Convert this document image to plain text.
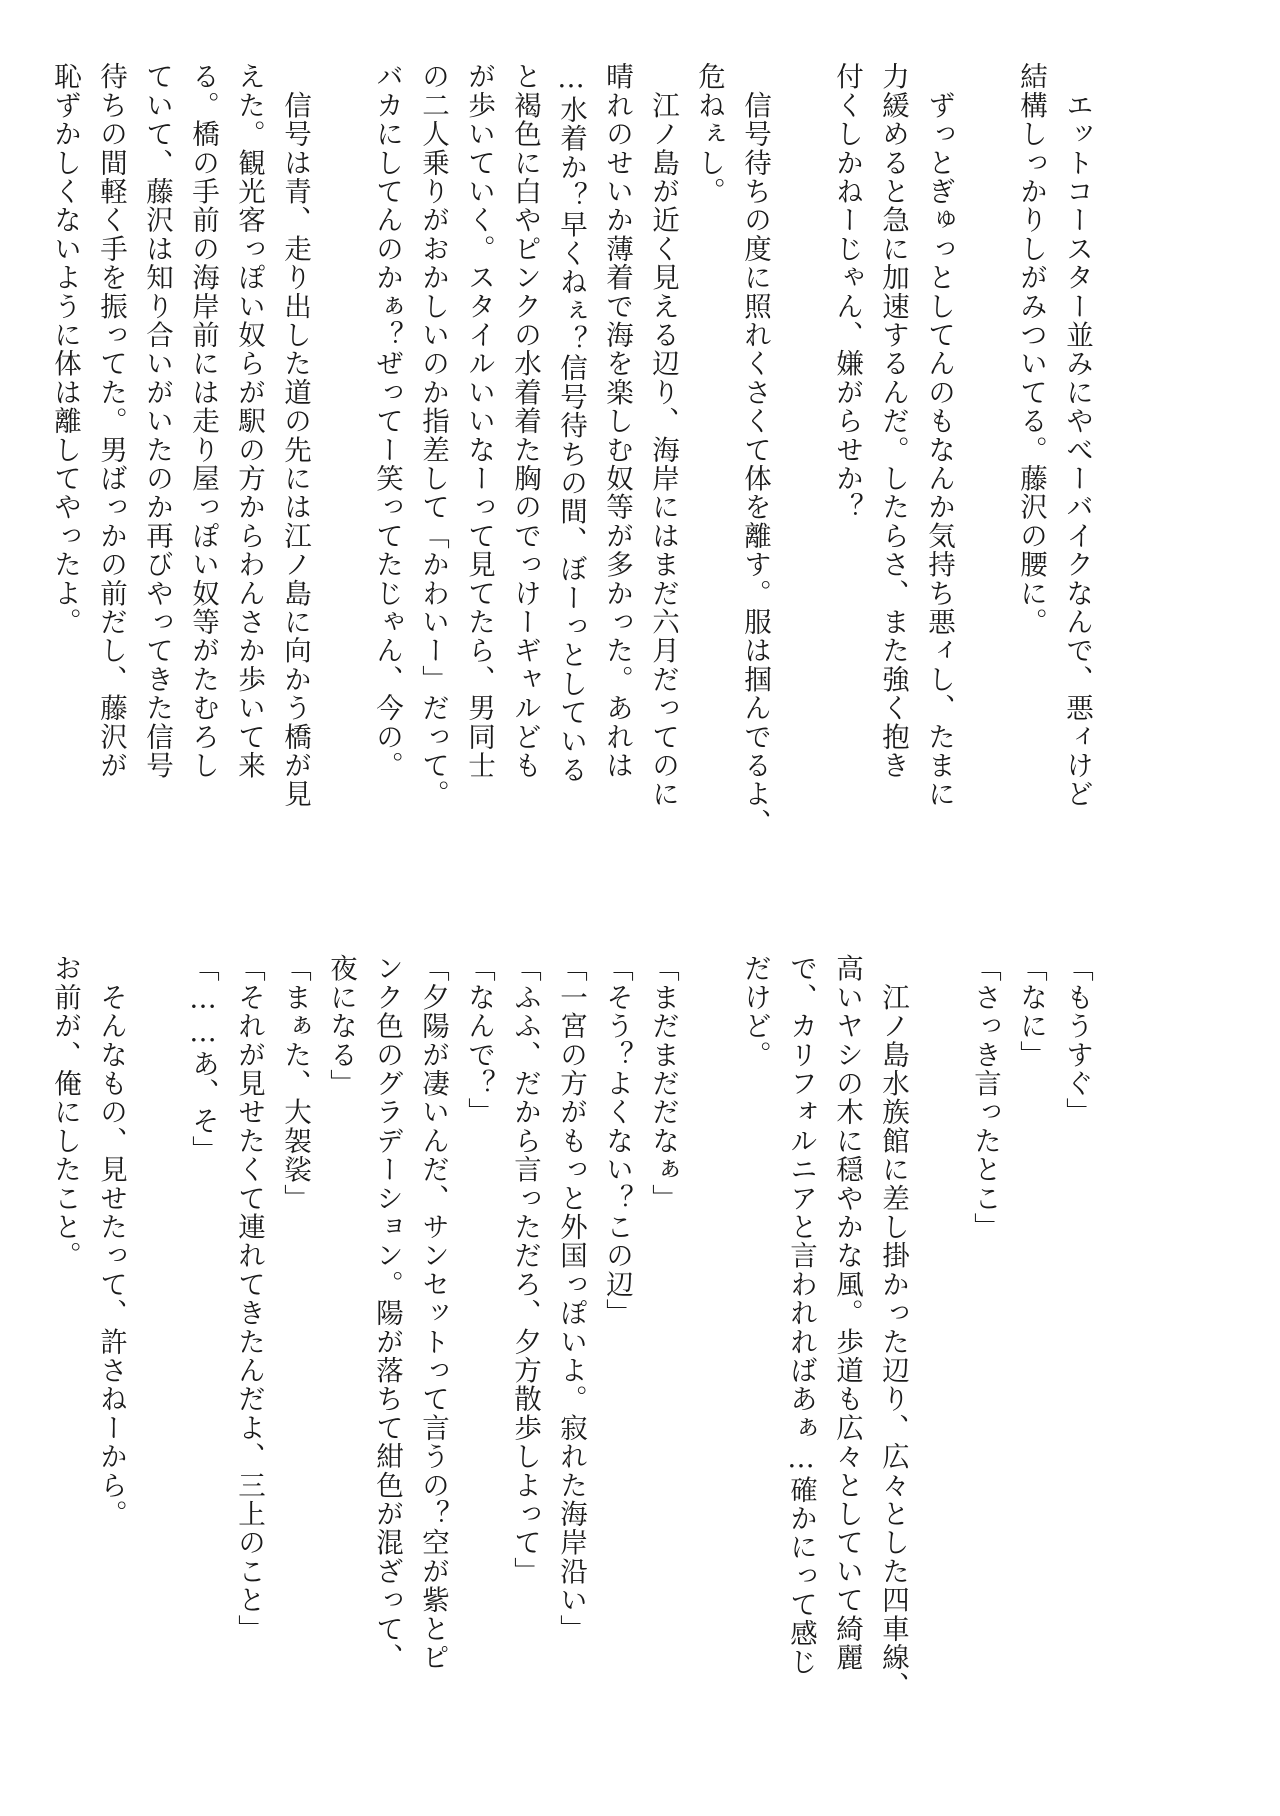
　エットコースター並みにやべーバイクなんで、悪ィけど
結構しっかりしがみついてる。藤沢の腰に。
　ずっとぎゅっとしてんのもなんか気持ち悪ィし、たまに
力緩めると急に加速するんだ。したらさ、また強く抱き
付くしかねーじゃん、嫌がらせか？
　信号待ちの度に照れくさくて体を離す。服は掴んでるよ、
危ねぇし。
　江ノ島が近く見える辺り、海岸にはまだ六月だってのに
晴れのせいか薄着で海を楽しむ奴等が多かった。あれは
…水着か？早くねぇ？信号待ちの間、ぼーっとしている
と褐色に白やピンクの水着着た胸のでっけーギャルども
が歩いていく。スタイルいいなーって見てたら、男同士
の二人乗りがおかしいのか指差して「かわいー」だって。
バカにしてんのかぁ？ぜってー笑ってたじゃん、今の。
　信号は青、走り出した道の先には江ノ島に向かう橋が見
えた。観光客っぽい奴らが駅の方からわんさか歩いて来
る。橋の手前の海岸前には走り屋っぽい奴等がたむろし
ていて、藤沢は知り合いがいたのか再びやってきた信号
待ちの間軽く手を振ってた。男ばっかの前だし、藤沢が
恥ずかしくないように体は離してやったよ。
「もうすぐ」
「なに」
「さっき言ったとこ」
　江ノ島水族館に差し掛かった辺り、広々とした四車線、
高いヤシの木に穏やかな風。歩道も広々としていて綺麗
で、カリフォルニアと言われればあぁ…確かにって感じ
だけど。
「まだまだだなぁ」
「そう？よくない？この辺」
「一宮の方がもっと外国っぽいよ。寂れた海岸沿い」
「ふふ、だから言っただろ、夕方散歩しよって」
「なんで？」
「夕陽が凄いんだ、サンセットって言うの？空が紫とピ
ンク色のグラデーション。陽が落ちて紺色が混ざって、
夜になる」
「まぁた、大袈裟」
「それが見せたくて連れてきたんだよ、三上のこと」
「……あ、そ」
　そんなもの、見せたって、許さねーから。
お前が、俺にしたこと。
